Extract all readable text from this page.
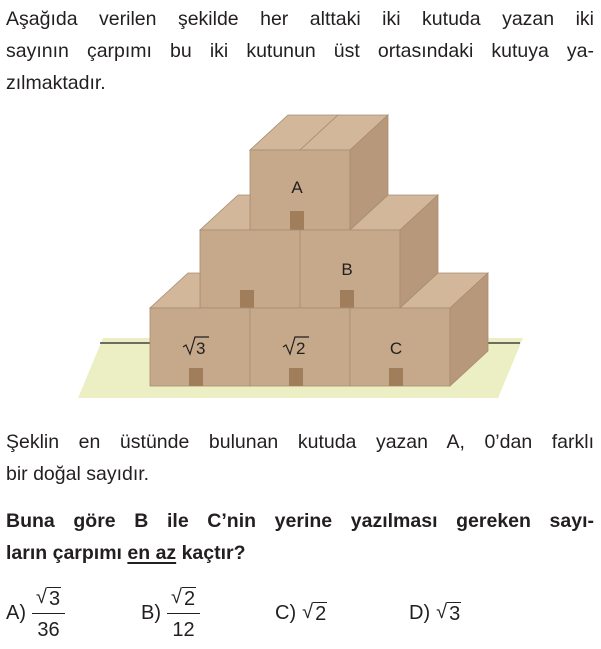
Aşağıda verilen şekilde her alttaki iki kutuda yazan iki
sayının çarpımı bu iki kutunun üst ortasındaki kutuya ya-
zılmaktadır.
A
B
C
3	2
Şeklin en üstünde bulunan kutuda yazan A, 0’dan farklı
bir doğal sayıdır.
Buna göre B ile C’nin yerine yazılması gereken sayı-
ların çarpımı en az kaçtır?
$A) \frac{√ 3}{36}$	$B) \frac{√ 2}{12}$	C) √ 2	D) √ 3
